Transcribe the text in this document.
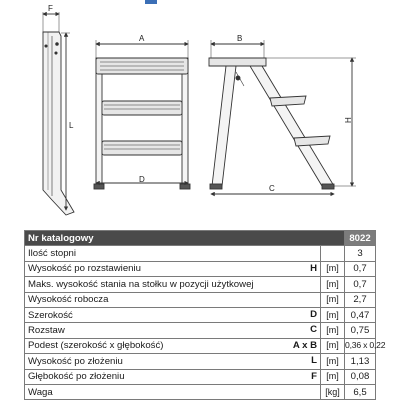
F
L
A
D
B
C
H
Nr katalogowy		8022
Ilość stopni		3
Wysokość po rozstawieniu H	[m]	0,7
Maks. wysokość stania na stołku w pozycji użytkowej	[m]	0,7
Wysokość robocza	[m]	2,7
Szerokość D	[m]	0,47
Rozstaw C	[m]	0,75
Podest (szerokość x głębokość) A x B	[m]	0,36 x 0,22
Wysokość po złożeniu L	[m]	1,13
Głębokość po złożeniu F	[m]	0,08
Waga	[kg]	6,5
